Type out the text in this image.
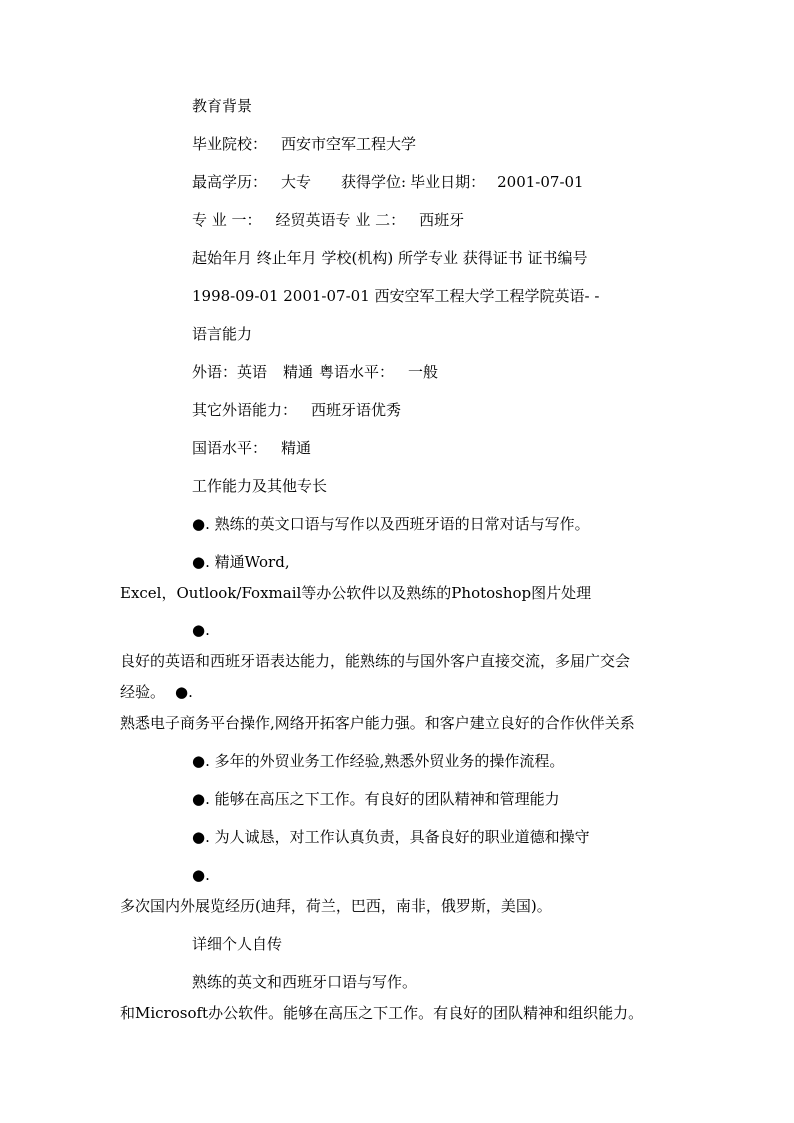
教育背景
毕业院校： 西安市空军工程大学
最高学历： 大专 获得学位: 毕业日期： 2001-07-01
专 业 一： 经贸英语专 业 二： 西班牙
起始年月 终止年月 学校(机构) 所学专业 获得证书 证书编号
1998-09-01 2001-07-01 西安空军工程大学工程学院英语- -
语言能力
外语：英语 精通 粤语水平： 一般
其它外语能力： 西班牙语优秀
国语水平： 精通
工作能力及其他专长
●. 熟练的英文口语与写作以及西班牙语的日常对话与写作。
●. 精通Word,
Excel，Outlook/Foxmail等办公软件以及熟练的Photoshop图片处理
●.
良好的英语和西班牙语表达能力，能熟练的与国外客户直接交流，多届广交会
经验。 ●.
熟悉电子商务平台操作,网络开拓客户能力强。和客户建立良好的合作伙伴关系
●. 多年的外贸业务工作经验,熟悉外贸业务的操作流程。
●. 能够在高压之下工作。有良好的团队精神和管理能力
●. 为人诚恳，对工作认真负责，具备良好的职业道德和操守
●.
多次国内外展览经历(迪拜，荷兰，巴西，南非，俄罗斯，美国)。
详细个人自传
熟练的英文和西班牙口语与写作。
和Microsoft办公软件。能够在高压之下工作。有良好的团队精神和组织能力。
